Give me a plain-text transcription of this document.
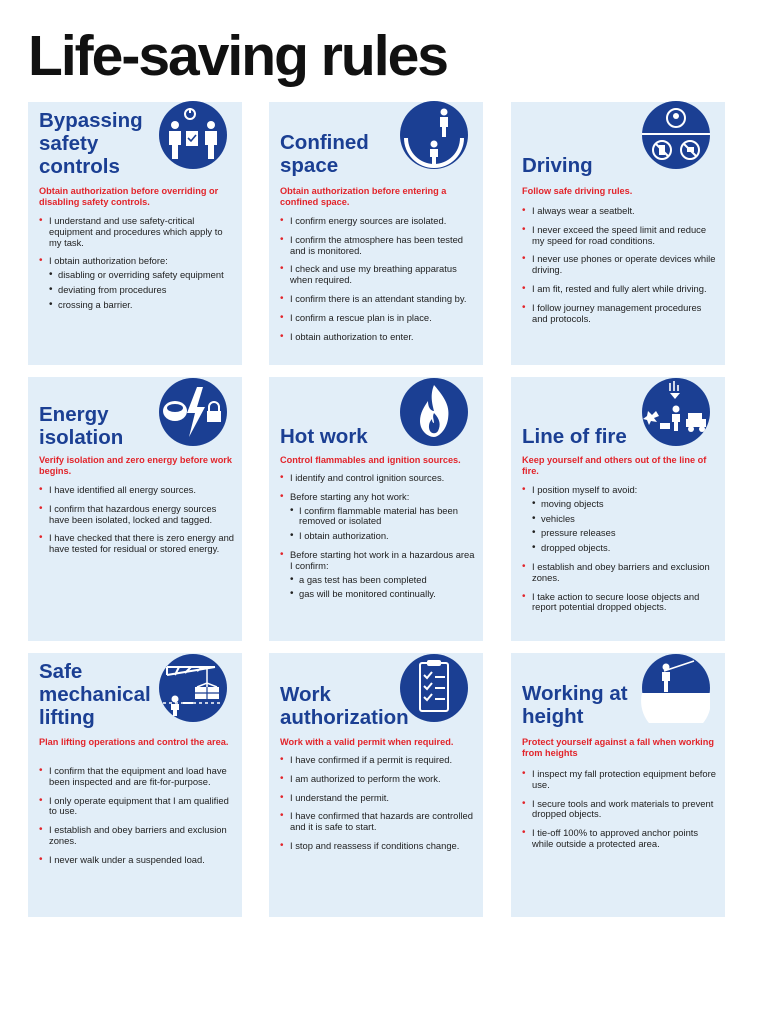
Life-saving rules
Bypassing
safety
controls

Obtain authorization before overriding or disabling safety controls.

• I understand and use safety-critical equipment and procedures which apply to my task.
• I obtain authorization before:
• disabling or overriding safety equipment
• deviating from procedures
• crossing a barrier.
Confined
space

Obtain authorization before entering a confined space.

• I confirm energy sources are isolated.
• I confirm the atmosphere has been tested and is monitored.
• I check and use my breathing apparatus when required.
• I confirm there is an attendant standing by.
• I confirm a rescue plan is in place.
• I obtain authorization to enter.
Driving

Follow safe driving rules.

• I always wear a seatbelt.
• I never exceed the speed limit and reduce my speed for road conditions.
• I never use phones or operate devices while driving.
• I am fit, rested and fully alert while driving.
• I follow journey management procedures and protocols.
Energy
isolation

Verify isolation and zero energy before work begins.

• I have identified all energy sources.
• I confirm that hazardous energy sources have been isolated, locked and tagged.
• I have checked that there is zero energy and have tested for residual or stored energy.
Hot work

Control flammables and ignition sources.

• I identify and control ignition sources.
• Before starting any hot work:
• I confirm flammable material has been removed or isolated
• I obtain authorization.
• Before starting hot work in a hazardous area I confirm:
• a gas test has been completed
• gas will be monitored continually.
Line of fire

Keep yourself and others out of the line of fire.

• I position myself to avoid:
• moving objects
• vehicles
• pressure releases
• dropped objects.
• I establish and obey barriers and exclusion zones.
• I take action to secure loose objects and report potential dropped objects.
Safe
mechanical
lifting

Plan lifting operations and control the area.

• I confirm that the equipment and load have been inspected and are fit-for-purpose.
• I only operate equipment that I am qualified to use.
• I establish and obey barriers and exclusion zones.
• I never walk under a suspended load.
Work
authorization

Work with a valid permit when required.

• I have confirmed if a permit is required.
• I am authorized to perform the work.
• I understand the permit.
• I have confirmed that hazards are controlled and it is safe to start.
• I stop and reassess if conditions change.
Working at
height

Protect yourself against a fall when working from heights

• I inspect my fall protection equipment before use.
• I secure tools and work materials to prevent dropped objects.
• I tie-off 100% to approved anchor points while outside a protected area.
